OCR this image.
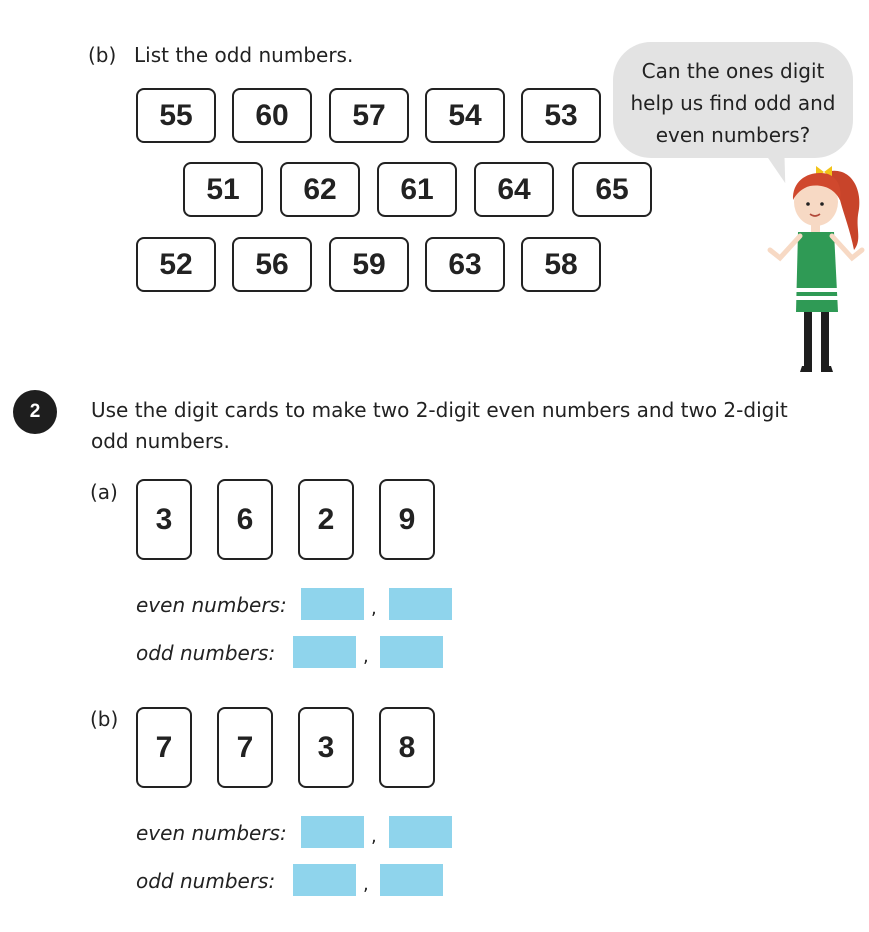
(b) List the odd numbers.
55	60	57	54	53
51	62	61	64	65
52	56	59	63	58
Can the ones digit
help us find odd and
even numbers?
2	Use the digit cards to make two 2-digit even numbers and two 2-digit
odd numbers.
(a)
3	6	2	9
even numbers:	,
odd numbers:	,
(b)
7	7	3	8
even numbers:	,
odd numbers:	,
